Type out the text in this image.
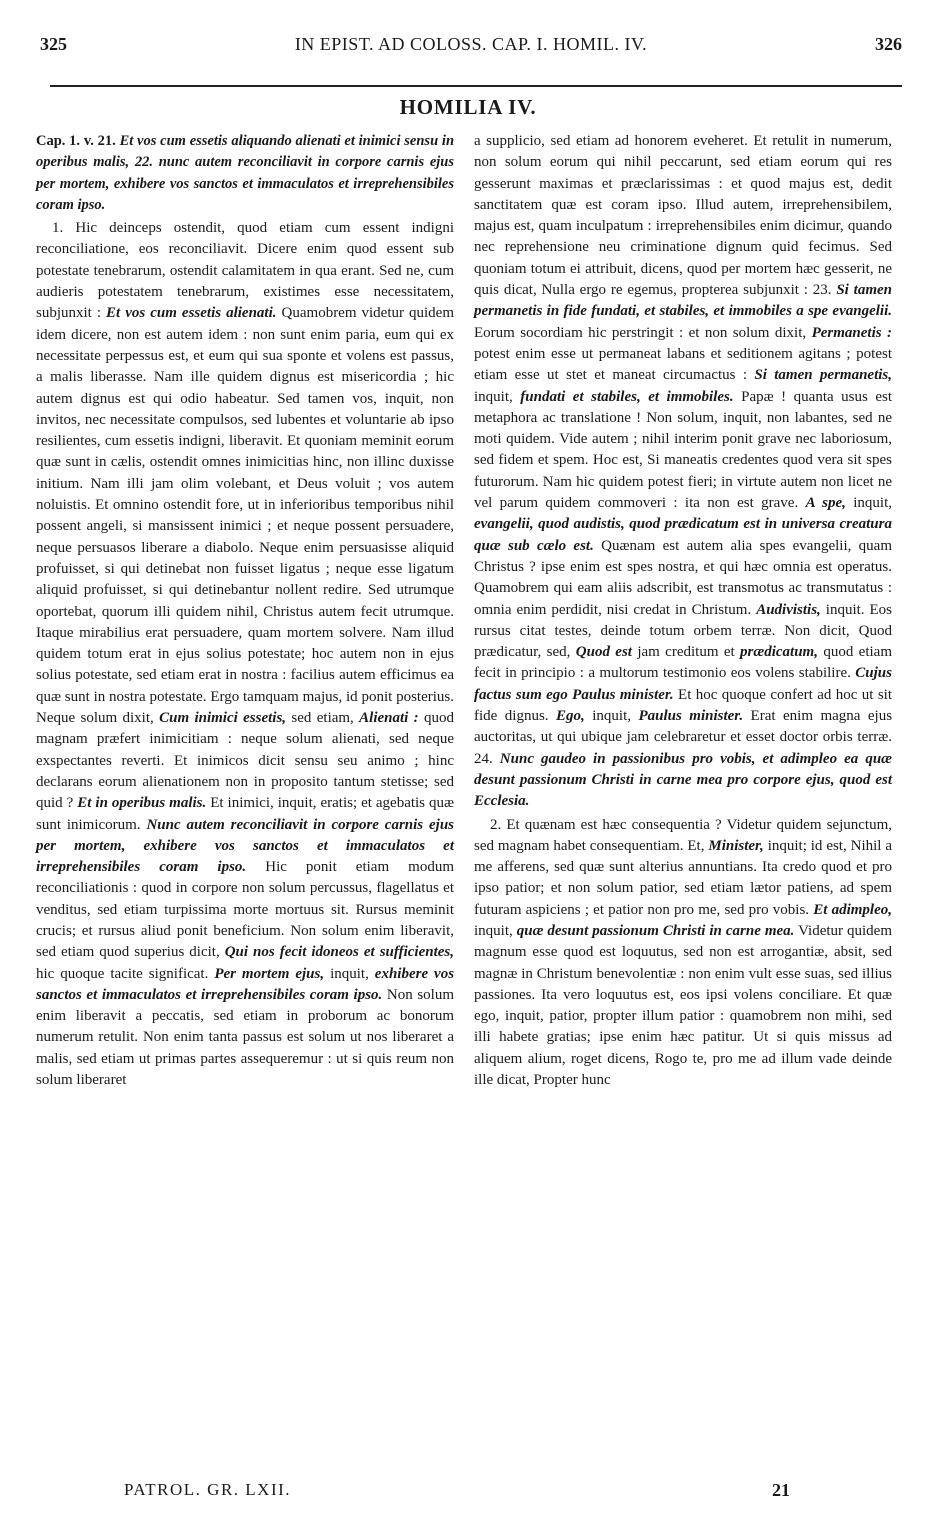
325	IN EPIST. AD COLOSS. CAP. I. HOMIL. IV.	326
HOMILIA IV.

Cap. 1. v. 21. Et vos cum essetis aliquando alienati et inimici sensu in operibus malis, 22. nunc autem reconciliavit in corpore carnis ejus per mortem, exhibere vos sanctos et immaculatos et irreprehensibiles coram ipso.

1. Hic deinceps ostendit, quod etiam cum essent indigni reconciliatione, eos reconciliavit. Dicere enim quod essent sub potestate tenebrarum, ostendit calamitatem in qua erant. Sed ne, cum audieris potestatem tenebrarum, existimes esse necessitatem, subjunxit : Et vos cum essetis alienati. Quamobrem videtur quidem idem dicere, non est autem idem : non sunt enim paria, eum qui ex necessitate perpessus est, et eum qui sua sponte et volens est passus, a malis liberasse. Nam ille quidem dignus est misericordia ; hic autem dignus est qui odio habeatur. Sed tamen vos, inquit, non invitos, nec necessitate compulsos, sed lubentes et voluntarie ab ipso resilientes, cum essetis indigni, liberavit. Et quoniam meminit eorum quæ sunt in cælis, ostendit omnes inimicitias hinc, non illinc duxisse initium. Nam illi jam olim volebant, et Deus voluit ; vos autem noluistis. Et omnino ostendit fore, ut in inferioribus temporibus nihil possent angeli, si mansissent inimici ; et neque possent persuadere, neque persuasos liberare a diabolo. Neque enim persuasisse aliquid profuisset, si qui detinebat non fuisset ligatus ; neque esse ligatum aliquid profuisset, si qui detinebantur nollent redire. Sed utrumque oportebat, quorum illi quidem nihil, Christus autem fecit utrumque. Itaque mirabilius erat persuadere, quam mortem solvere. Nam illud quidem totum erat in ejus solius potestate; hoc autem non in ejus solius potestate, sed etiam erat in nostra : facilius autem efficimus ea quæ sunt in nostra potestate. Ergo tamquam majus, id ponit posterius. Neque solum dixit, Cum inimici essetis, sed etiam, Alienati : quod magnam præfert inimicitiam : neque solum alienati, sed neque exspectantes reverti. Et inimicos dicit sensu seu animo ; hinc declarans eorum alienationem non in proposito tantum stetisse; sed quid ? Et in operibus malis. Et inimici, inquit, eratis; et agebatis quæ sunt inimicorum. Nunc autem reconciliavit in corpore carnis ejus per mortem, exhibere vos sanctos et immaculatos et irreprehensibiles coram ipso. Hic ponit etiam modum reconciliationis : quod in corpore non solum percussus, flagellatus et venditus, sed etiam turpissima morte mortuus sit. Rursus meminit crucis; et rursus aliud ponit beneficium. Non solum enim liberavit, sed etiam quod superius dicit, Qui nos fecit idoneos et sufficientes, hic quoque tacite significat. Per mortem ejus, inquit, exhibere vos sanctos et immaculatos et irreprehensibiles coram ipso. Non solum enim liberavit a peccatis, sed etiam in proborum ac bonorum numerum retulit. Non enim tanta passus est solum ut nos liberaret a malis, sed etiam ut primas partes assequeremur : ut si quis reum non solum liberaret

a supplicio, sed etiam ad honorem eveheret. Et retulit in numerum, non solum eorum qui nihil peccarunt, sed etiam eorum qui res gesserunt maximas et præclarissimas : et quod majus est, dedit sanctitatem quæ est coram ipso. Illud autem, irreprehensibilem, majus est, quam inculpatum : irreprehensibiles enim dicimur, quando nec reprehensione neu criminatione dignum quid fecimus. Sed quoniam totum ei attribuit, dicens, quod per mortem hæc gesserit, ne quis dicat, Nulla ergo re egemus, propterea subjunxit : 23. Si tamen permanetis in fide fundati, et stabiles, et immobiles a spe evangelii. Eorum socordiam hic perstringit : et non solum dixit, Permanetis : potest enim esse ut permaneat labans et seditionem agitans ; potest etiam esse ut stet et maneat circumactus : Si tamen permanetis, inquit, fundati et stabiles, et immobiles. Papæ ! quanta usus est metaphora ac translatione ! Non solum, inquit, non labantes, sed ne moti quidem. Vide autem ; nihil interim ponit grave nec laboriosum, sed fidem et spem. Hoc est, Si maneatis credentes quod vera sit spes futurorum. Nam hic quidem potest fieri; in virtute autem non licet ne vel parum quidem commoveri : ita non est grave. A spe, inquit, evangelii, quod audistis, quod prædicatum est in universa creatura quæ sub cælo est. Quænam est autem alia spes evangelii, quam Christus ? ipse enim est spes nostra, et qui hæc omnia est operatus. Quamobrem qui eam aliis adscribit, est transmotus ac transmutatus : omnia enim perdidit, nisi credat in Christum. Audivistis, inquit. Eos rursus citat testes, deinde totum orbem terræ. Non dicit, Quod prædicatur, sed, Quod est jam creditum et prædicatum, quod etiam fecit in principio : a multorum testimonio eos volens stabilire. Cujus factus sum ego Paulus minister. Et hoc quoque confert ad hoc ut sit fide dignus. Ego, inquit, Paulus minister. Erat enim magna ejus auctoritas, ut qui ubique jam celebraretur et esset doctor orbis terræ. 24. Nunc gaudeo in passionibus pro vobis, et adimpleo ea quæ desunt passionum Christi in carne mea pro corpore ejus, quod est Ecclesia.

2. Et quænam est hæc consequentia ? Videtur quidem sejunctum, sed magnam habet consequentiam. Et, Minister, inquit; id est, Nihil a me afferens, sed quæ sunt alterius annuntians. Ita credo quod et pro ipso patior; et non solum patior, sed etiam lætor patiens, ad spem futuram aspiciens ; et patior non pro me, sed pro vobis. Et adimpleo, inquit, quæ desunt passionum Christi in carne mea. Videtur quidem magnum esse quod est loquutus, sed non est arrogantiæ, absit, sed magnæ in Christum benevolentiæ : non enim vult esse suas, sed illius passiones. Ita vero loquutus est, eos ipsi volens conciliare. Et quæ ego, inquit, patior, propter illum patior : quamobrem non mihi, sed illi habete gratias; ipse enim hæc patitur. Ut si quis missus ad aliquem alium, roget dicens, Rogo te, pro me ad illum vade deinde ille dicat, Propter hunc

PATROL. GR. LXII.	21
